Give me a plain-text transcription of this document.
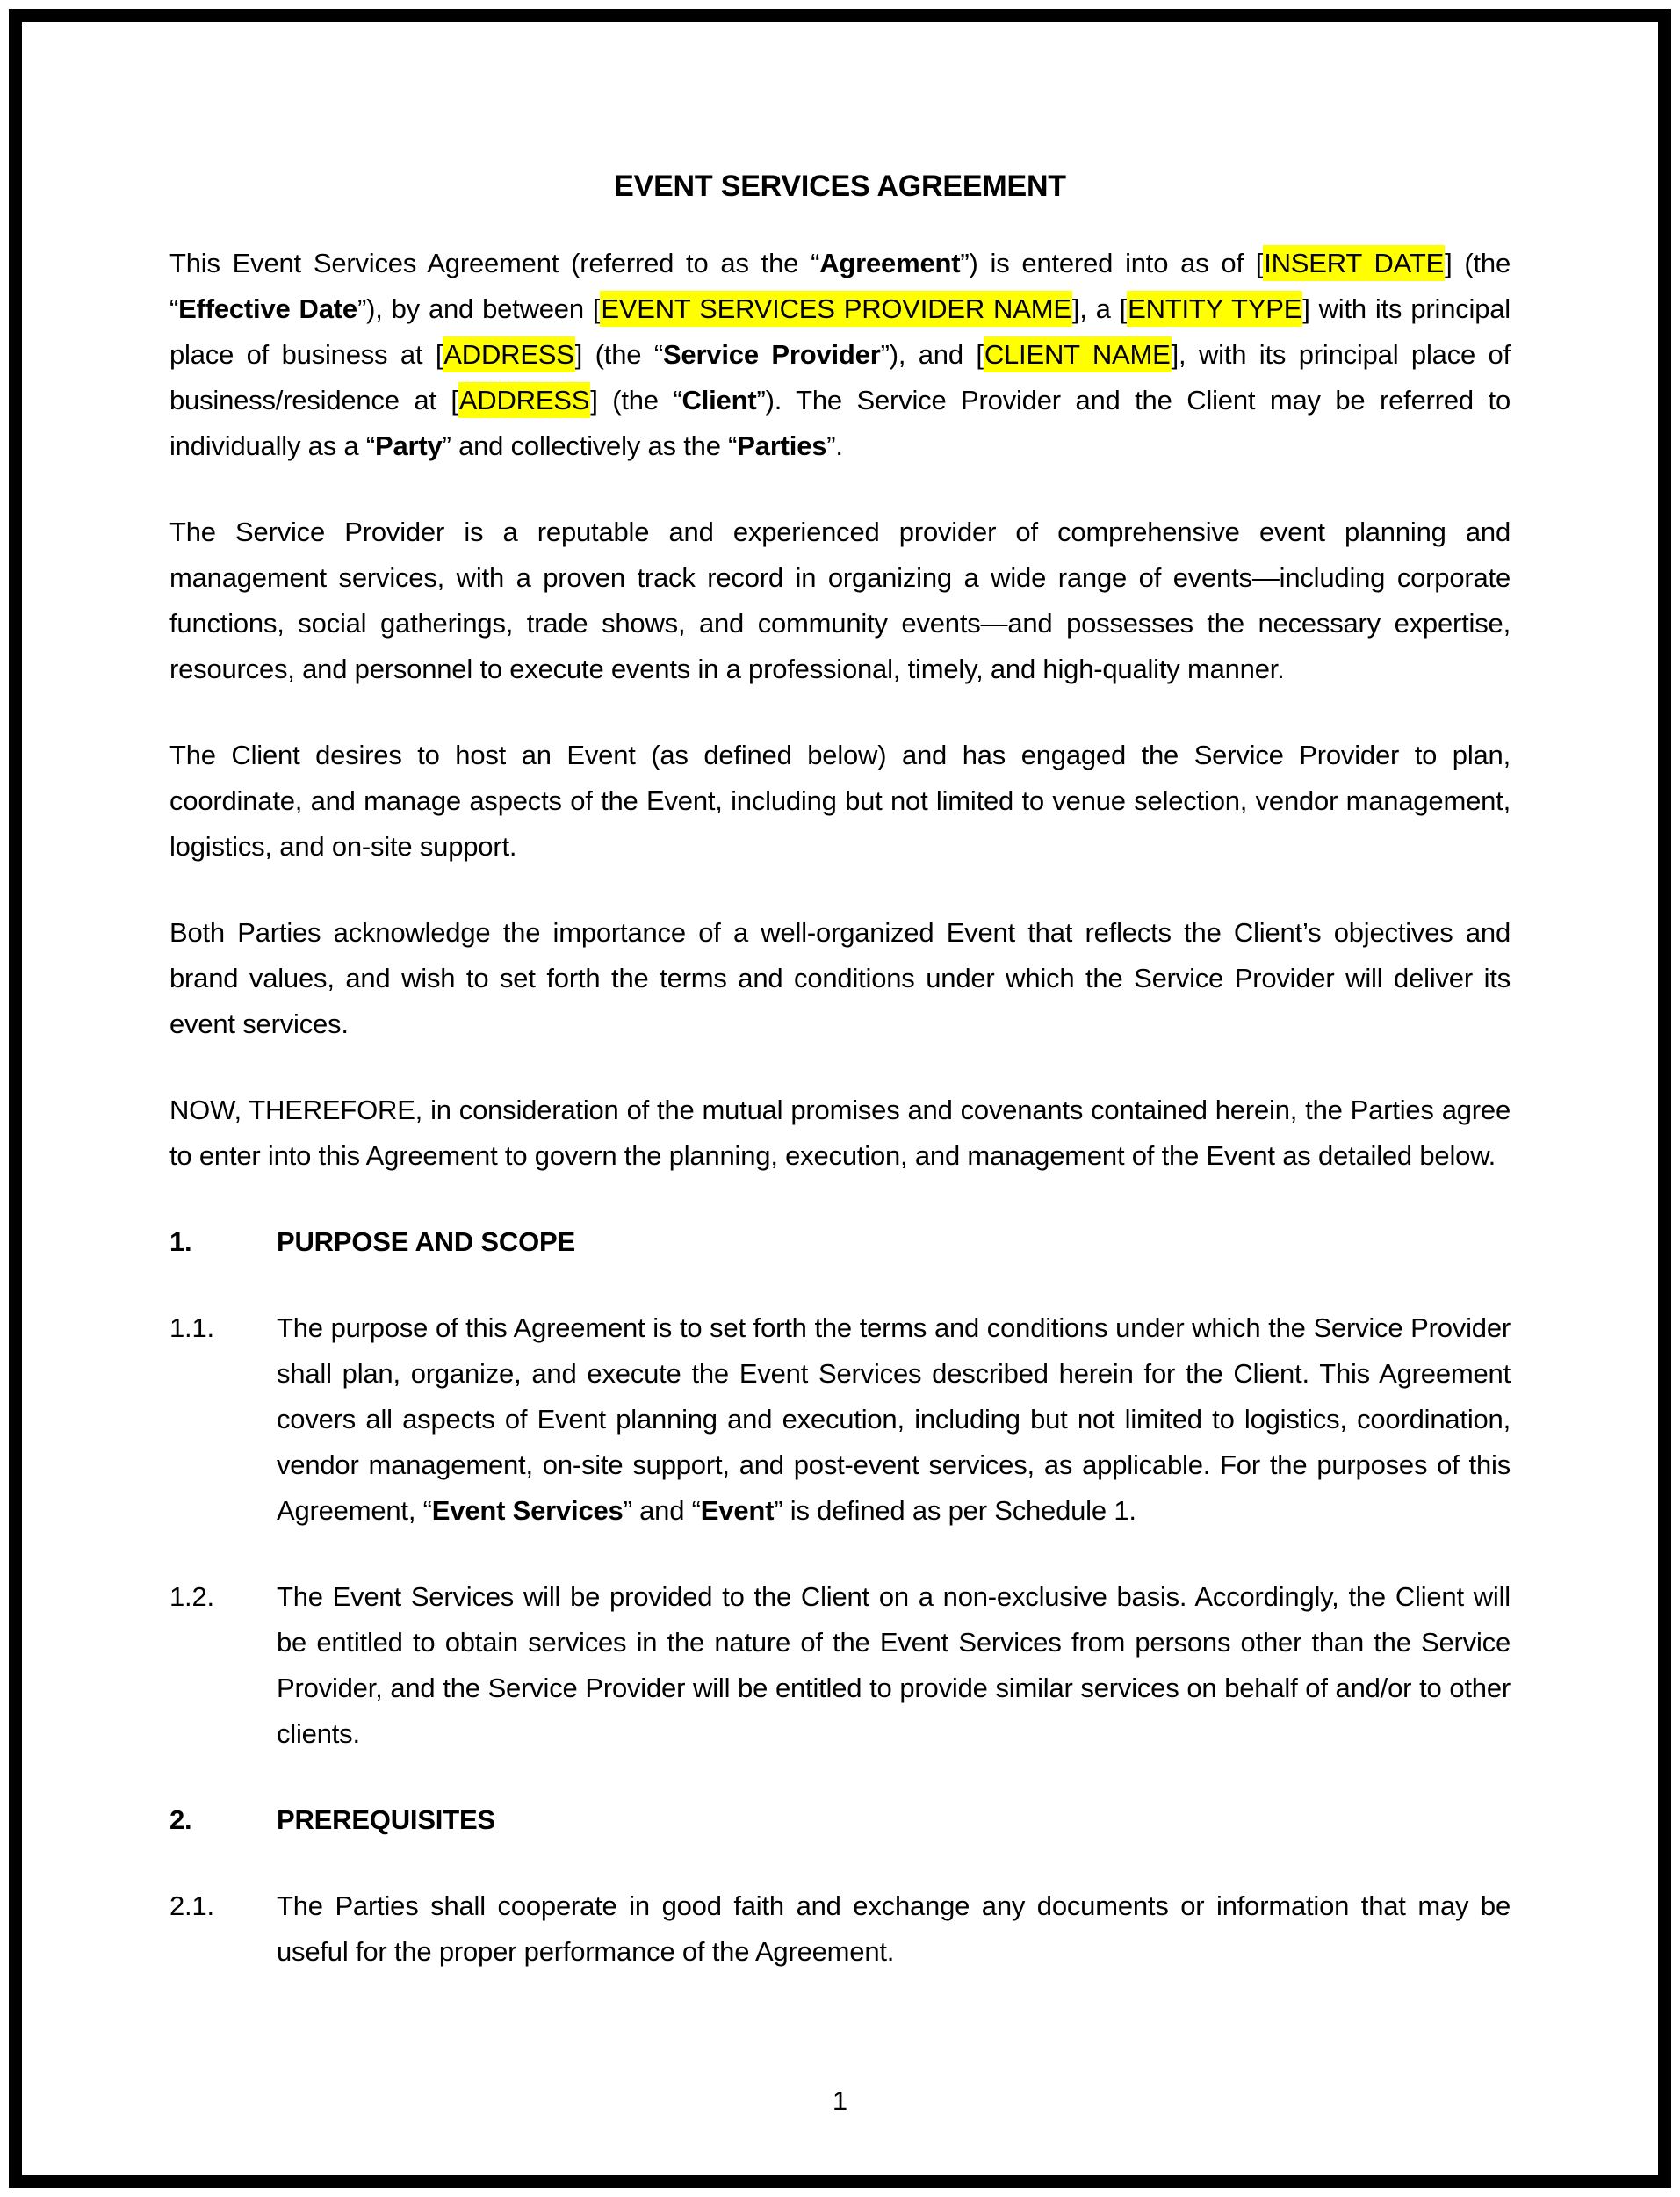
EVENT SERVICES AGREEMENT

This Event Services Agreement (referred to as the “Agreement”) is entered into as of [INSERT DATE] (the “Effective Date”), by and between [EVENT SERVICES PROVIDER NAME], a [ENTITY TYPE] with its principal place of business at [ADDRESS] (the “Service Provider”), and [CLIENT NAME], with its principal place of business/residence at [ADDRESS] (the “Client”). The Service Provider and the Client may be referred to individually as a “Party” and collectively as the “Parties”.

The Service Provider is a reputable and experienced provider of comprehensive event planning and management services, with a proven track record in organizing a wide range of events—including corporate functions, social gatherings, trade shows, and community events—and possesses the necessary expertise, resources, and personnel to execute events in a professional, timely, and high-quality manner.

The Client desires to host an Event (as defined below) and has engaged the Service Provider to plan, coordinate, and manage aspects of the Event, including but not limited to venue selection, vendor management, logistics, and on-site support.

Both Parties acknowledge the importance of a well-organized Event that reflects the Client’s objectives and brand values, and wish to set forth the terms and conditions under which the Service Provider will deliver its event services.

NOW, THEREFORE, in consideration of the mutual promises and covenants contained herein, the Parties agree to enter into this Agreement to govern the planning, execution, and management of the Event as detailed below.

1.	PURPOSE AND SCOPE
1.1. The purpose of this Agreement is to set forth the terms and conditions under which the Service Provider shall plan, organize, and execute the Event Services described herein for the Client. This Agreement covers all aspects of Event planning and execution, including but not limited to logistics, coordination, vendor management, on-site support, and post-event services, as applicable. For the purposes of this Agreement, “Event Services” and “Event” is defined as per Schedule 1.
1.2. The Event Services will be provided to the Client on a non-exclusive basis. Accordingly, the Client will be entitled to obtain services in the nature of the Event Services from persons other than the Service Provider, and the Service Provider will be entitled to provide similar services on behalf of and/or to other clients.
2.	PREREQUISITES
2.1. The Parties shall cooperate in good faith and exchange any documents or information that may be useful for the proper performance of the Agreement.
1
